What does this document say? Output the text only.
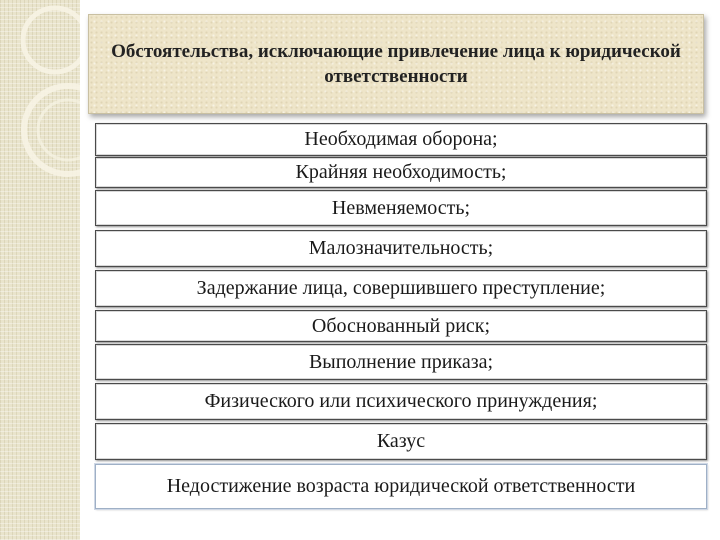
Обстоятельства, исключающие привлечение лица к юридической ответственности
Необходимая оборона;
Крайняя необходимость;
Невменяемость;
Малозначительность;
Задержание лица, совершившего преступление;
Обоснованный риск;
Выполнение приказа;
Физического или психического принуждения;
Казус
Недостижение возраста юридической ответственности
